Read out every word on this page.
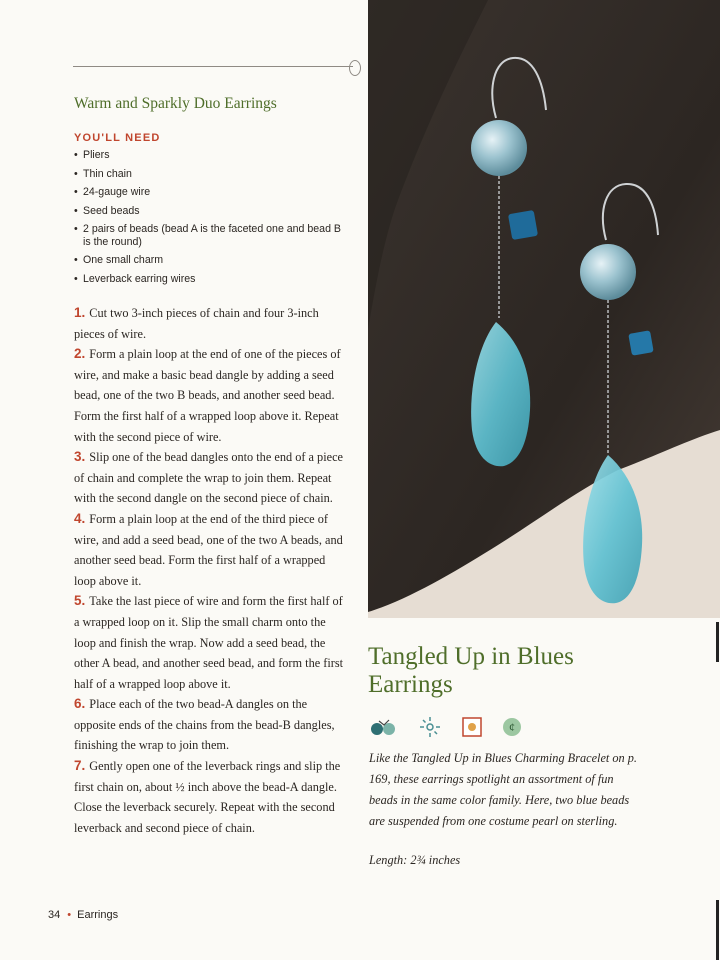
Warm and Sparkly Duo Earrings
YOU'LL NEED
• Pliers
• Thin chain
• 24-gauge wire
• Seed beads
• 2 pairs of beads (bead A is the faceted one and bead B is the round)
• One small charm
• Leverback earring wires

1. Cut two 3-inch pieces of chain and four 3-inch pieces of wire.

2. Form a plain loop at the end of one of the pieces of wire, and make a basic bead dangle by adding a seed bead, one of the two B beads, and another seed bead. Form the first half of a wrapped loop above it. Repeat with the second piece of wire.

3. Slip one of the bead dangles onto the end of a piece of chain and complete the wrap to join them. Repeat with the second dangle on the second piece of chain.

4. Form a plain loop at the end of the third piece of wire, and add a seed bead, one of the two A beads, and another seed bead. Form the first half of a wrapped loop above it.

5. Take the last piece of wire and form the first half of a wrapped loop on it. Slip the small charm onto the loop and finish the wrap. Now add a seed bead, the other A bead, and another seed bead, and form the first half of a wrapped loop above it.

6. Place each of the two bead-A dangles on the opposite ends of the chains from the bead-B dangles, finishing the wrap to join them.

7. Gently open one of the leverback rings and slip the first chain on, about ½ inch above the bead-A dangle. Close the leverback securely. Repeat with the second leverback and second piece of chain.

34 • Earrings
Tangled Up in Blues
Earrings
¢
Like the Tangled Up in Blues Charming Bracelet on p. 169, these earrings spotlight an assortment of fun beads in the same color family. Here, two blue beads are suspended from one costume pearl on sterling.
Length: 2¾ inches
